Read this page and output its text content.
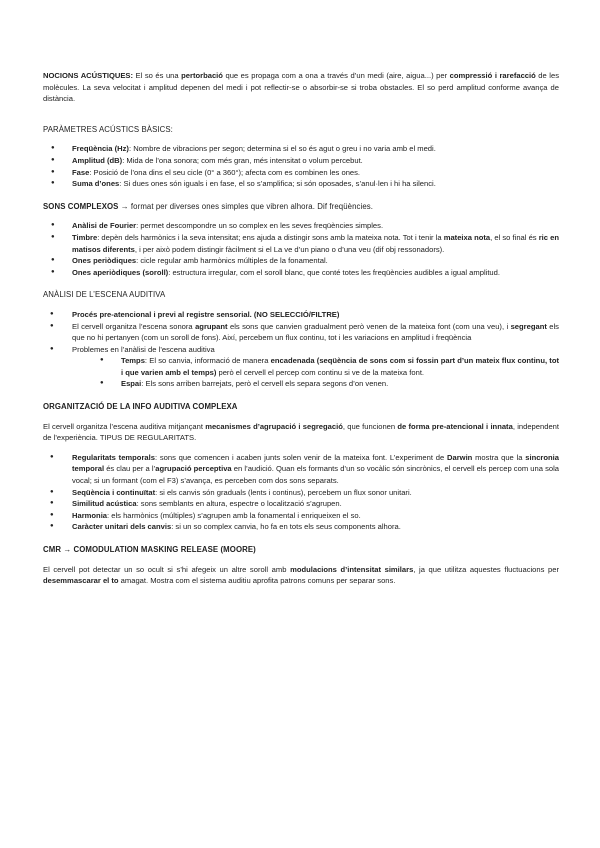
NOCIONS ACÚSTIQUES: El so és una pertorbació que es propaga com a ona a través d’un medi (aire, aigua...) per compressió i rarefacció de les molècules. La seva velocitat i amplitud depenen del medi i pot reflectir-se o absorbir-se si troba obstacles. El so perd amplitud conforme avança de distància.

PARÀMETRES ACÚSTICS BÀSICS:

● Freqüència (Hz): Nombre de vibracions per segon; determina si el so és agut o greu i no varia amb el medi.
● Amplitud (dB): Mida de l’ona sonora; com més gran, més intensitat o volum percebut.
● Fase: Posició de l’ona dins el seu cicle (0° a 360°); afecta com es combinen les ones.
● Suma d’ones: Si dues ones són iguals i en fase, el so s’amplifica; si són oposades, s’anul·len i hi ha silenci.

SONS COMPLEXOS → format per diverses ones simples que vibren alhora. Dif freqüències.

● Anàlisi de Fourier: permet descompondre un so complex en les seves freqüències simples.
● Timbre: depèn dels harmònics i la seva intensitat; ens ajuda a distingir sons amb la mateixa nota. Tot i tenir la mateixa nota, el so final és ric en matisos diferents, i per això podem distingir fàcilment si el La ve d’un piano o d’una veu (dif obj ressonadors).
● Ones periòdiques: cicle regular amb harmònics múltiples de la fonamental.
● Ones aperiòdiques (soroll): estructura irregular, com el soroll blanc, que conté totes les freqüències audibles a igual amplitud.

ANÀLISI DE L’ESCENA AUDITIVA

● Procés pre-atencional i previ al registre sensorial. (NO SELECCIÓ/FILTRE)
● El cervell organitza l’escena sonora agrupant els sons que canvien gradualment però venen de la mateixa font (com una veu), i segregant els que no hi pertanyen (com un soroll de fons). Així, percebem un flux continu, tot i les variacions en amplitud i freqüència
● Problemes en l’anàlisi de l’escena auditiva
● Temps: El so canvia, informació de manera encadenada (seqüència de sons com si fossin part d’un mateix flux continu, tot i que varien amb el temps) però el cervell el percep com continu si ve de la mateixa font.
● Espai: Els sons arriben barrejats, però el cervell els separa segons d’on venen.

ORGANITZACIÓ DE LA INFO AUDITIVA COMPLEXA

El cervell organitza l’escena auditiva mitjançant mecanismes d’agrupació i segregació, que funcionen de forma pre-atencional i innata, independent de l’experiència. TIPUS DE REGULARITATS.

● Regularitats temporals: sons que comencen i acaben junts solen venir de la mateixa font. L’experiment de Darwin mostra que la sincronia temporal és clau per a l’agrupació perceptiva en l’audició. Quan els formants d’un so vocàlic són sincrònics, el cervell els percep com una sola vocal; si un formant (com el F3) s’avança, es perceben com dos sons separats.
● Seqüència i continuïtat: si els canvis són graduals (lents i continus), percebem un flux sonor unitari.
● Similitud acústica: sons semblants en altura, espectre o localització s’agrupen.
● Harmonia: els harmònics (múltiples) s’agrupen amb la fonamental i enriqueixen el so.
● Caràcter unitari dels canvis: si un so complex canvia, ho fa en tots els seus components alhora.

CMR → COMODULATION MASKING RELEASE (MOORE)

El cervell pot detectar un so ocult si s’hi afegeix un altre soroll amb modulacions d’intensitat similars, ja que utilitza aquestes fluctuacions per desemmascarar el to amagat. Mostra com el sistema auditiu aprofita patrons comuns per separar sons.
